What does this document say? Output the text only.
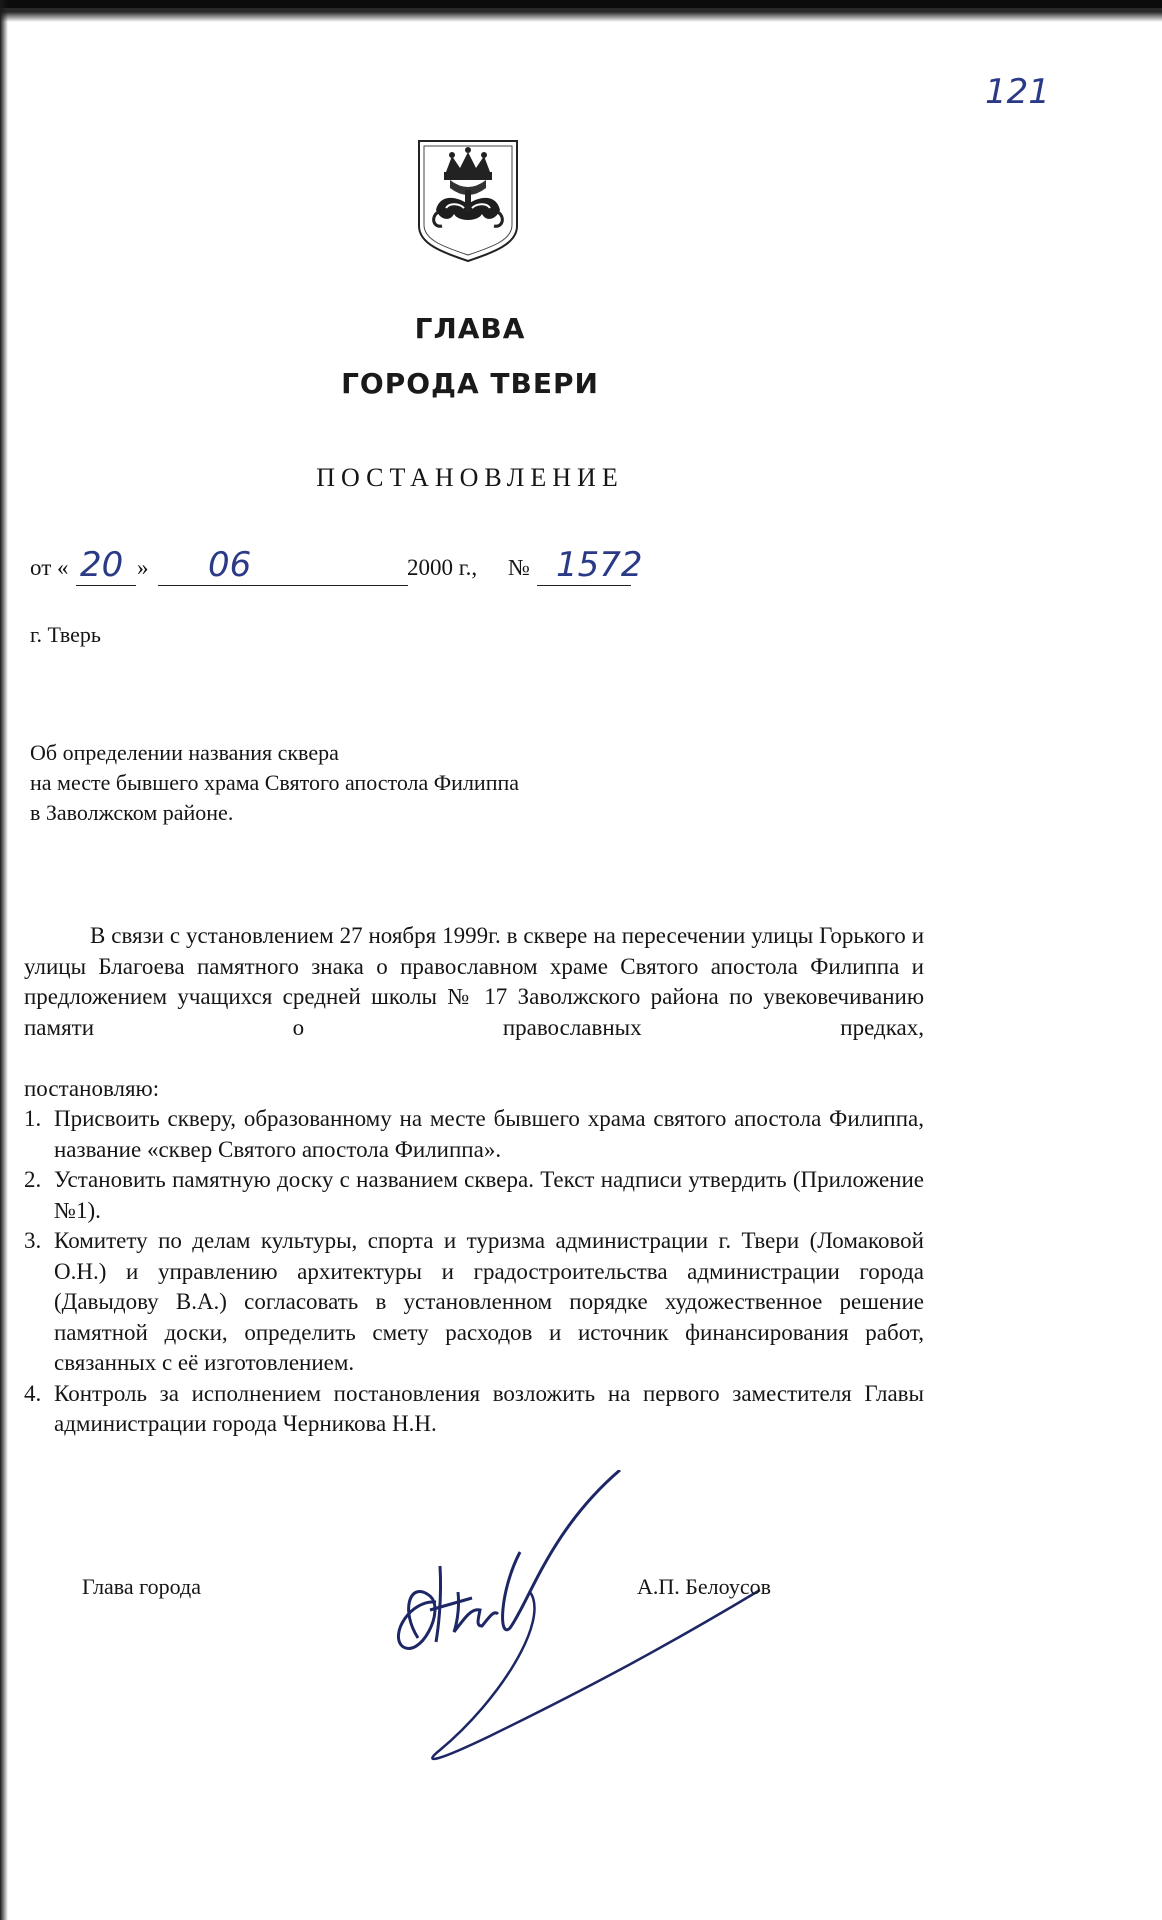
121
ГЛАВА
ГОРОДА ТВЕРИ
ПОСТАНОВЛЕНИЕ
от « 20 » 06	2000 г., № 1572
г. Тверь
Об определении названия сквера
на месте бывшего храма Святого апостола Филиппа
в Заволжском районе.

В связи с установлением 27 ноября 1999г. в сквере на пересечении улицы Горького и улицы Благоева памятного знака о православном храме Святого апостола Филиппа и предложением учащихся средней школы № 17 Заволжского района по увековечиванию памяти о православных предках,

постановляю:

1. Присвоить скверу, образованному на месте бывшего храма святого апостола Филиппа, название «сквер Святого апостола Филиппа».
2. Установить памятную доску с названием сквера. Текст надписи утвердить (Приложение №1).
3. Комитету по делам культуры, спорта и туризма администрации г. Твери (Ломаковой О.Н.) и управлению архитектуры и градостроительства администрации города (Давыдову В.А.) согласовать в установленном порядке художественное решение памятной доски, определить смету расходов и источник финансирования работ, связанных с её изготовлением.
4. Контроль за исполнением постановления возложить на первого заместителя Главы администрации города Черникова Н.Н.
Глава города	А.П. Белоусов
